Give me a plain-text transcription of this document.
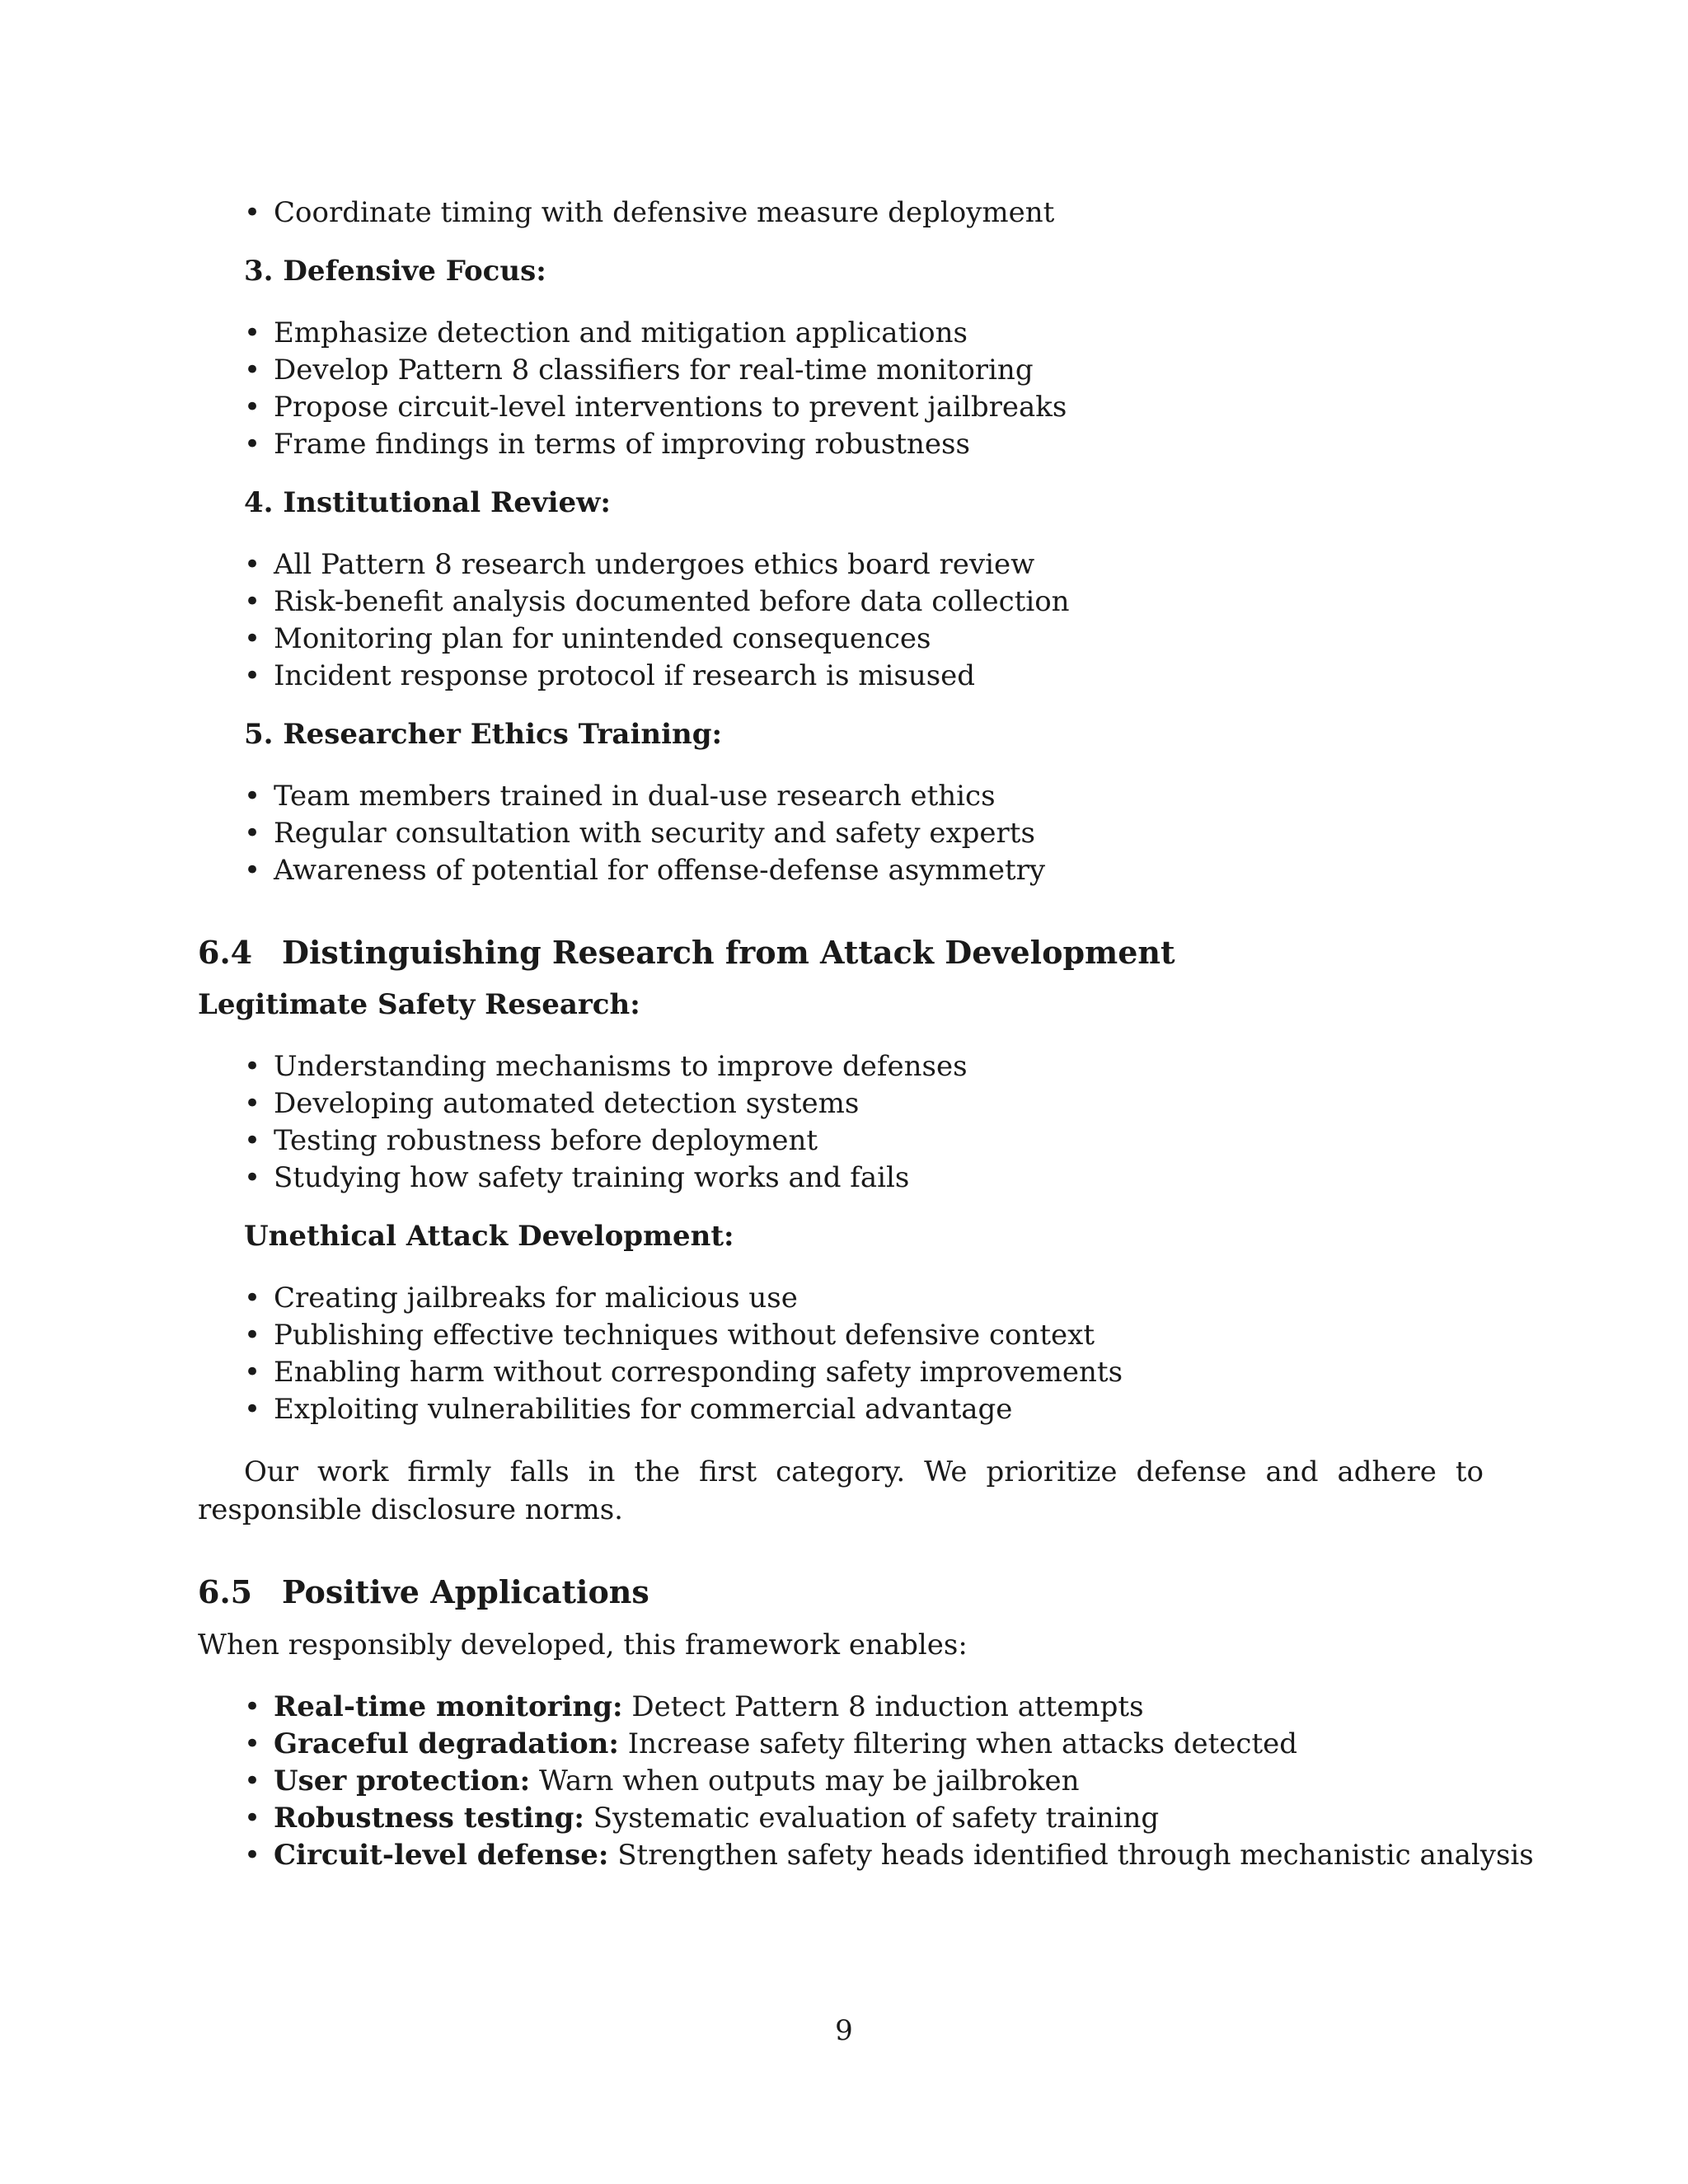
• Coordinate timing with defensive measure deployment
3. Defensive Focus:
• Emphasize detection and mitigation applications
• Develop Pattern 8 classifiers for real-time monitoring
• Propose circuit-level interventions to prevent jailbreaks
• Frame findings in terms of improving robustness
4. Institutional Review:
• All Pattern 8 research undergoes ethics board review
• Risk-benefit analysis documented before data collection
• Monitoring plan for unintended consequences
• Incident response protocol if research is misused
5. Researcher Ethics Training:
• Team members trained in dual-use research ethics
• Regular consultation with security and safety experts
• Awareness of potential for offense-defense asymmetry
6.4 Distinguishing Research from Attack Development
Legitimate Safety Research:
• Understanding mechanisms to improve defenses
• Developing automated detection systems
• Testing robustness before deployment
• Studying how safety training works and fails
Unethical Attack Development:
• Creating jailbreaks for malicious use
• Publishing effective techniques without defensive context
• Enabling harm without corresponding safety improvements
• Exploiting vulnerabilities for commercial advantage

Our work firmly falls in the first category. We prioritize defense and adhere to responsible disclosure norms.

6.5 Positive Applications

When responsibly developed, this framework enables:

• Real-time monitoring: Detect Pattern 8 induction attempts
• Graceful degradation: Increase safety filtering when attacks detected
• User protection: Warn when outputs may be jailbroken
• Robustness testing: Systematic evaluation of safety training
• Circuit-level defense: Strengthen safety heads identified through mechanistic analysis
9
